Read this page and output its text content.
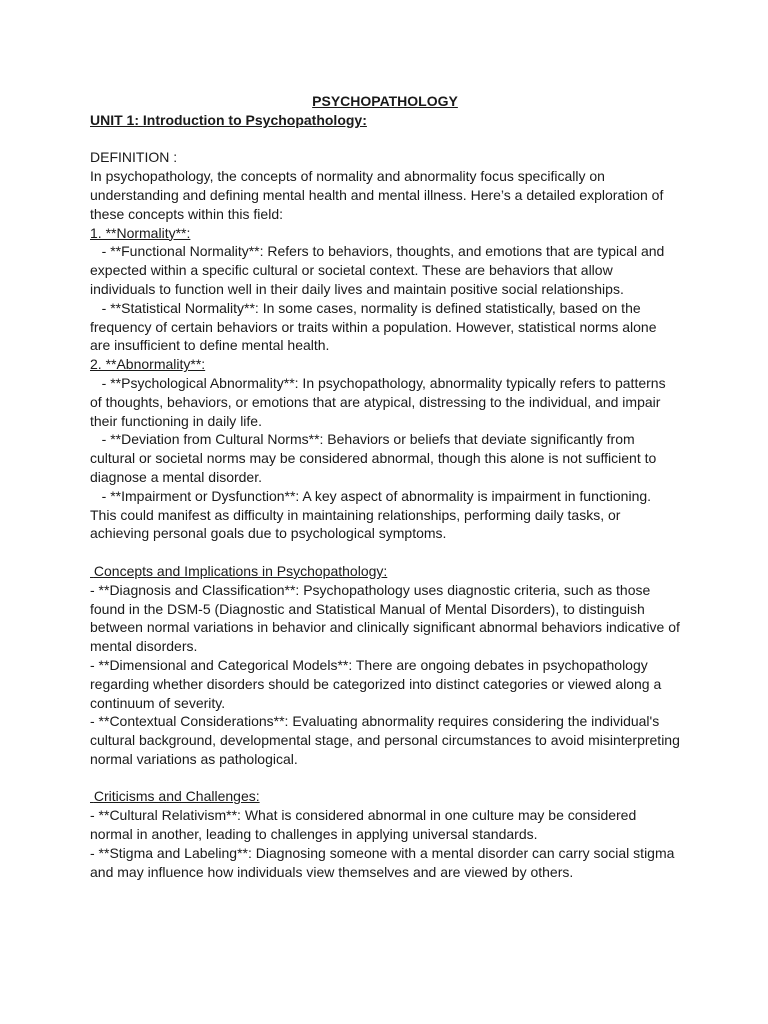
PSYCHOPATHOLOGY

UNIT 1: Introduction to Psychopathology:

DEFINITION :

In psychopathology, the concepts of normality and abnormality focus specifically on understanding and defining mental health and mental illness. Here’s a detailed exploration of these concepts within this field:

1. **Normality**:

- **Functional Normality**: Refers to behaviors, thoughts, and emotions that are typical and expected within a specific cultural or societal context. These are behaviors that allow individuals to function well in their daily lives and maintain positive social relationships.

- **Statistical Normality**: In some cases, normality is defined statistically, based on the frequency of certain behaviors or traits within a population. However, statistical norms alone are insufficient to define mental health.

2. **Abnormality**:

- **Psychological Abnormality**: In psychopathology, abnormality typically refers to patterns of thoughts, behaviors, or emotions that are atypical, distressing to the individual, and impair their functioning in daily life.

- **Deviation from Cultural Norms**: Behaviors or beliefs that deviate significantly from cultural or societal norms may be considered abnormal, though this alone is not sufficient to diagnose a mental disorder.

- **Impairment or Dysfunction**: A key aspect of abnormality is impairment in functioning. This could manifest as difficulty in maintaining relationships, performing daily tasks, or achieving personal goals due to psychological symptoms.

Concepts and Implications in Psychopathology:

- **Diagnosis and Classification**: Psychopathology uses diagnostic criteria, such as those found in the DSM-5 (Diagnostic and Statistical Manual of Mental Disorders), to distinguish between normal variations in behavior and clinically significant abnormal behaviors indicative of mental disorders.

- **Dimensional and Categorical Models**: There are ongoing debates in psychopathology regarding whether disorders should be categorized into distinct categories or viewed along a continuum of severity.

- **Contextual Considerations**: Evaluating abnormality requires considering the individual's cultural background, developmental stage, and personal circumstances to avoid misinterpreting normal variations as pathological.

Criticisms and Challenges:

- **Cultural Relativism**: What is considered abnormal in one culture may be considered normal in another, leading to challenges in applying universal standards.

- **Stigma and Labeling**: Diagnosing someone with a mental disorder can carry social stigma and may influence how individuals view themselves and are viewed by others.
